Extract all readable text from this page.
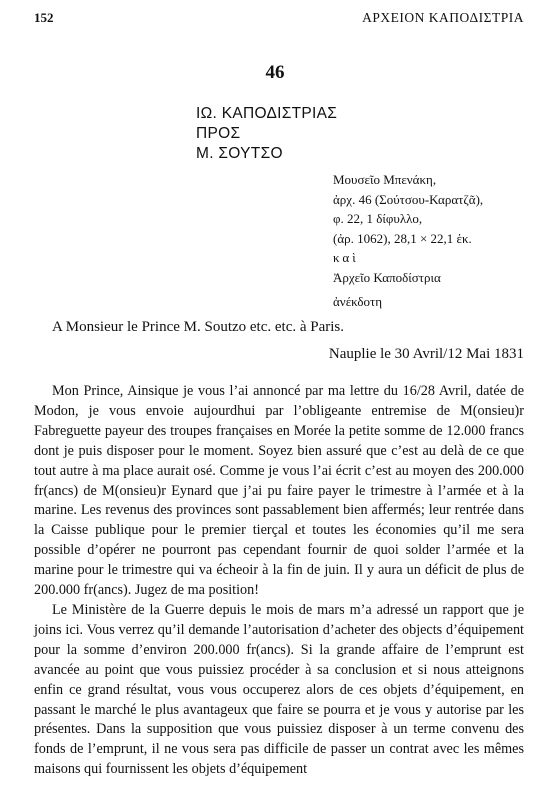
152	ΑΡΧΕΙΟΝ ΚΑΠΟΔΙΣΤΡΙΑ
46
ΙΩ. ΚΑΠΟΔΙΣΤΡΙΑΣ
ΠΡΟΣ
Μ. ΣΟΥΤΣΟ
Μουσεῖο Μπενάκη,
ἀρχ. 46 (Σούτσου-Καρατζᾶ),
φ. 22, 1 δίφυλλο,
(ἀρ. 1062), 28,1 × 22,1 ἑκ.
καὶ
Ἀρχεῖο Καποδίστρια
ἀνέκδοτη
A Monsieur le Prince M. Soutzo etc. etc. à Paris.
Nauplie le 30 Avril/12 Mai 1831

Mon Prince, Ainsique je vous l’ai annoncé par ma lettre du 16/28 Avril, datée de Modon, je vous envoie aujourdhui par l’obligeante entremise de M(onsieu)r Fabreguette payeur des troupes françaises en Morée la petite somme de 12.000 francs dont je puis disposer pour le moment. Soyez bien assuré que c’est au delà de ce que tout autre à ma place aurait osé. Comme je vous l’ai écrit c’est au moyen des 200.000 fr(ancs) de M(onsieu)r Eynard que j’ai pu faire payer le trimestre à l’armée et à la marine. Les revenus des provinces sont passablement bien affermés; leur rentrée dans la Caisse publique pour le premier tierçal et toutes les économies qu’il me sera possible d’opérer ne pourront pas cependant fournir de quoi solder l’armée et la marine pour le trimestre qui va écheoir à la fin de juin. Il y aura un déficit de plus de 200.000 fr(ancs). Jugez de ma position!

Le Ministère de la Guerre depuis le mois de mars m’a adressé un rapport que je joins ici. Vous verrez qu’il demande l’autorisation d’acheter des objects d’équipement pour la somme d’environ 200.000 fr(ancs). Si la grande affaire de l’emprunt est avancée au point que vous puissiez procéder à sa conclusion et si nous atteignons enfin ce grand résultat, vous vous occuperez alors de ces objets d’équipement, en passant le marché le plus avantageux que faire se pourra et je vous y autorise par les présentes. Dans la supposition que vous puissiez disposer à un terme convenu des fonds de l’emprunt, il ne vous sera pas difficile de passer un contrat avec les mêmes maisons qui fournissent les objets d’équipement
